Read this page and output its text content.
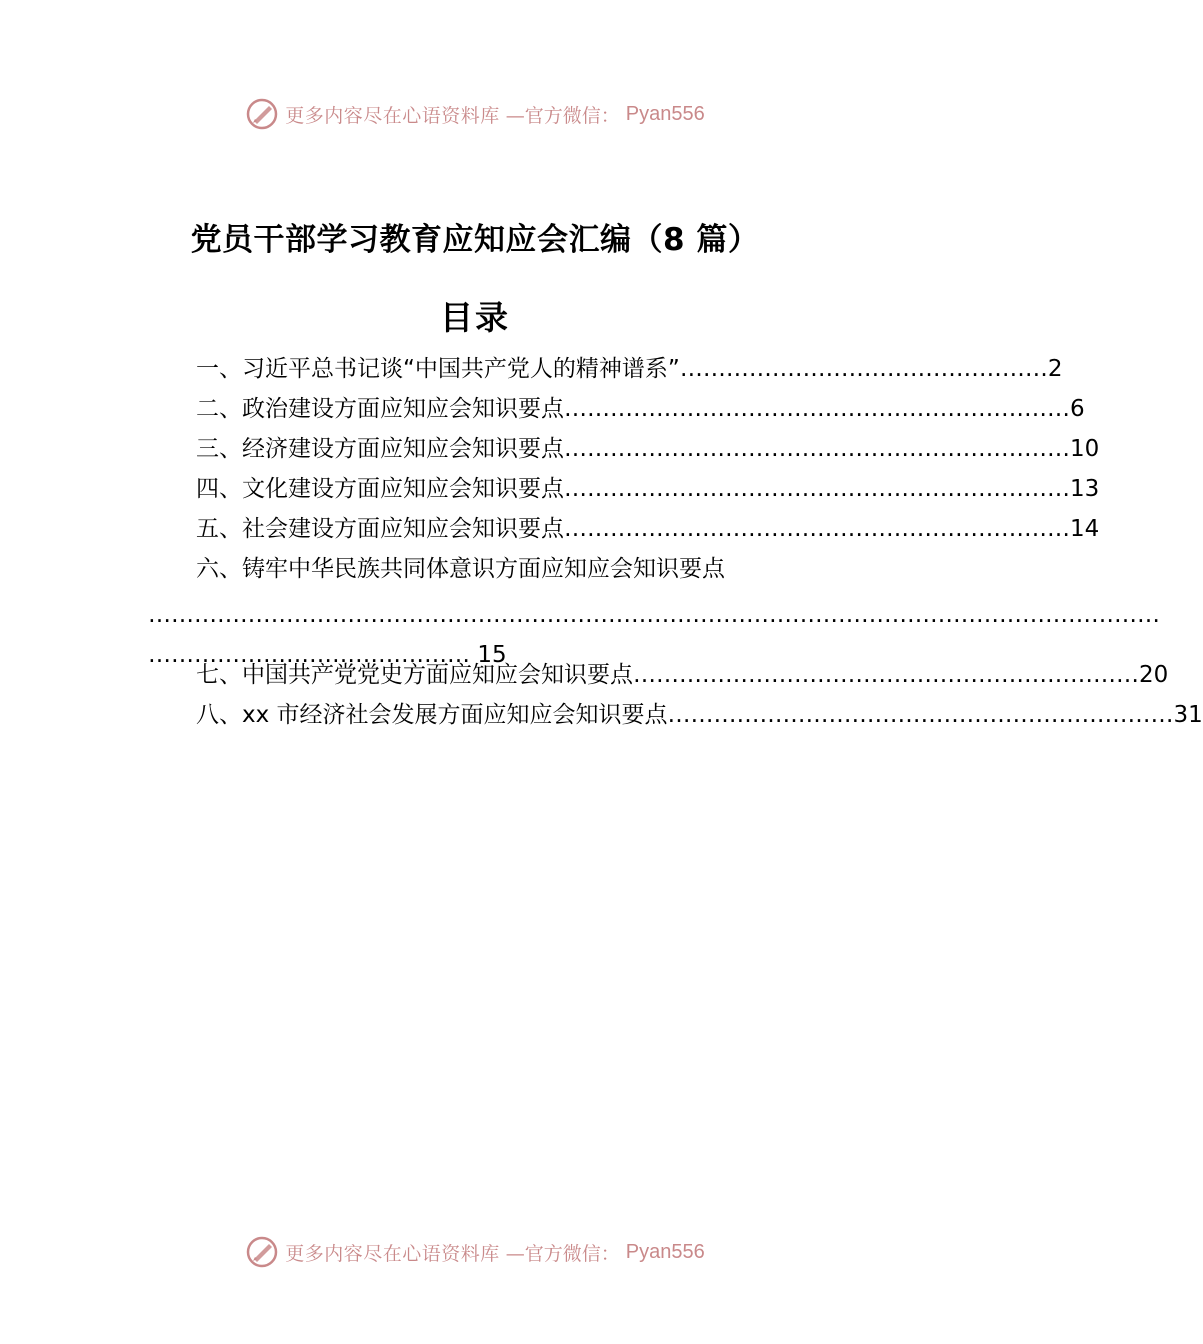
更多内容尽在心语资料库 —官方微信： Pyan556
党员干部学习教育应知应会汇编（8 篇）
目录
一、习近平总书记谈“中国共产党人的精神谱系” ………………………………………… 2
二、政治建设方面应知应会知识要点 ………………………………………………………… 6
三、经济建设方面应知应会知识要点 ………………………………………………………… 10
四、文化建设方面应知应会知识要点 ………………………………………………………… 13
五、社会建设方面应知应会知识要点 ………………………………………………………… 14
六、铸牢中华民族共同体意识方面应知应会知识要点
……………………………………………………………………………………………………………………
…………………………………… 15
七、中国共产党党史方面应知应会知识要点 ………………………………………………………… 20
八、xx 市经济社会发展方面应知应会知识要点 ………………………………………………………… 31
更多内容尽在心语资料库 —官方微信： Pyan556
